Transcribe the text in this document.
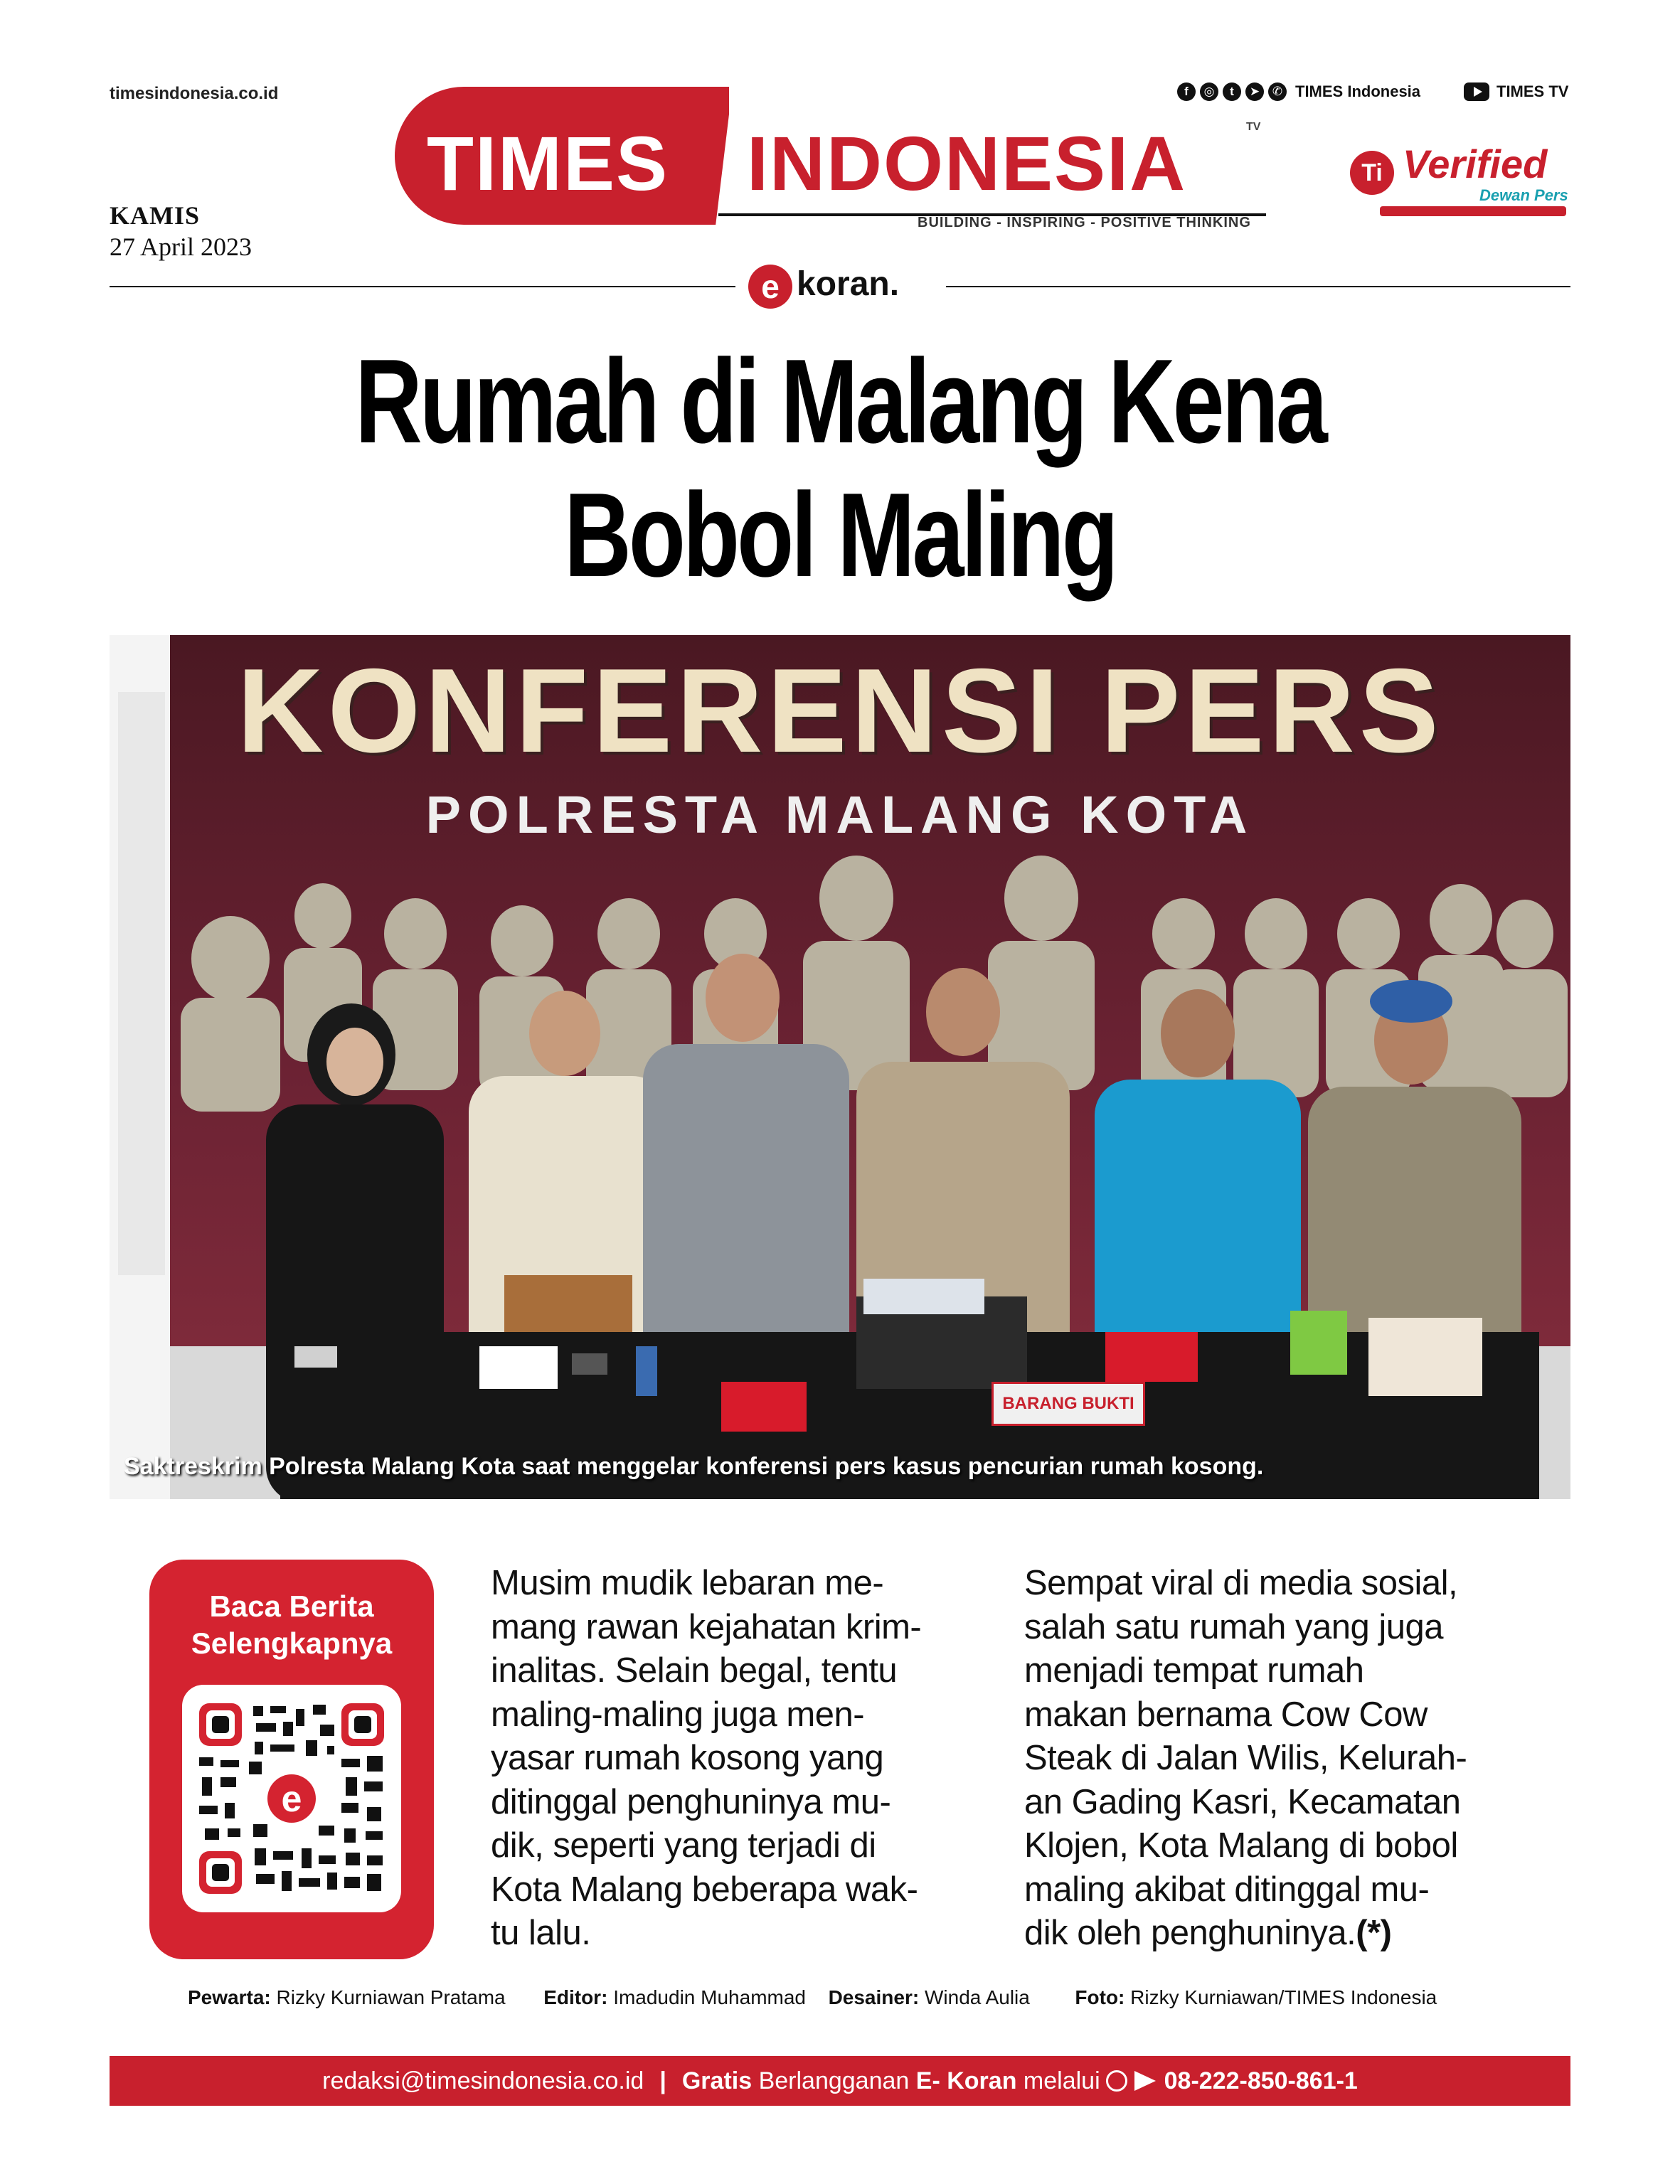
timesindonesia.co.id
KAMIS
27 April 2023
TIMES INDONESIA	TV
BUILDING - INSPIRING - POSITIVE THINKING
f	◎	t	➤	✆ TIMES Indonesia	TIMES TV
Ti Verified
Dewan Pers
e koran.
Rumah di Malang Kena
Bobol Maling
KONFERENSI PERS
POLRESTA MALANG KOTA
BARANG BUKTI
Saktreskrim Polresta Malang Kota saat menggelar konferensi pers kasus pencurian rumah kosong.
Baca Berita Selengkapnya
e
Musim mudik lebaran me-
mang rawan kejahatan krim-
inalitas. Selain begal, tentu
maling-maling juga men-
yasar rumah kosong yang
ditinggal penghuninya mu-
dik, seperti yang terjadi di
Kota Malang beberapa wak-
tu lalu.
Sempat viral di media sosial,
salah satu rumah yang juga
menjadi tempat rumah
makan bernama Cow Cow
Steak di Jalan Wilis, Kelurah-
an Gading Kasri, Kecamatan
Klojen, Kota Malang di bobol
maling akibat ditinggal mu-
dik oleh penghuninya.(*)
Pewarta: Rizky Kurniawan Pratama Editor: Imadudin Muhammad Desainer: Winda Aulia Foto: Rizky Kurniawan/TIMES Indonesia
redaksi@timesindonesia.co.id | Gratis
Berlangganan
E- Koran
melalui	08-222-850-861-1
